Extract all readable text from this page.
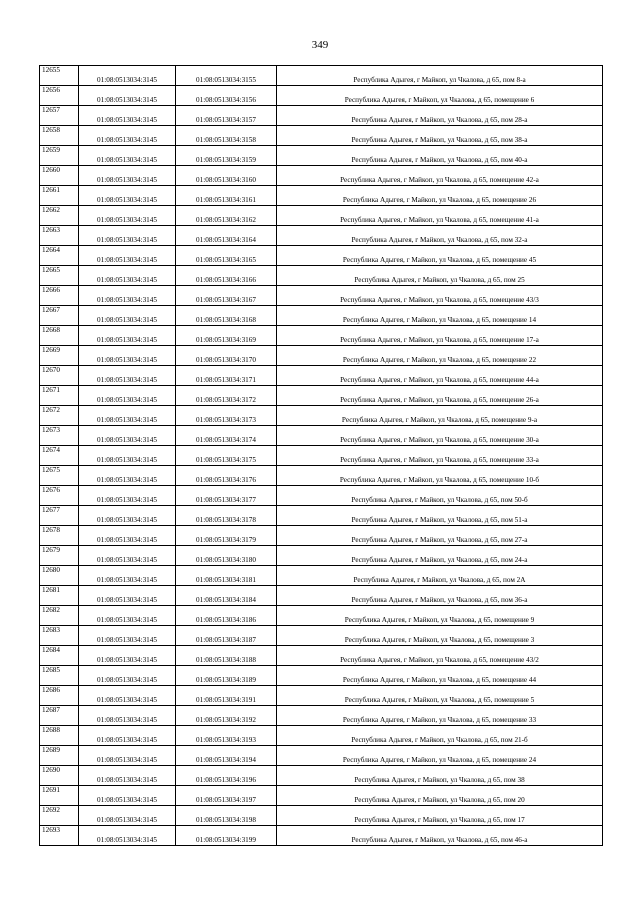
349
12655	01:08:0513034:3145	01:08:0513034:3155	Республика Адыгея, г Майкоп, ул Чкалова, д 65, пом 8-а
12656	01:08:0513034:3145	01:08:0513034:3156	Республика Адыгея, г Майкоп, ул Чкалова, д 65, помещение 6
12657	01:08:0513034:3145	01:08:0513034:3157	Республика Адыгея, г Майкоп, ул Чкалова, д 65, пом 28-а
12658	01:08:0513034:3145	01:08:0513034:3158	Республика Адыгея, г Майкоп, ул Чкалова, д 65, пом 38-а
12659	01:08:0513034:3145	01:08:0513034:3159	Республика Адыгея, г Майкоп, ул Чкалова, д 65, пом 40-а
12660	01:08:0513034:3145	01:08:0513034:3160	Республика Адыгея, г Майкоп, ул Чкалова, д 65, помещение 42-а
12661	01:08:0513034:3145	01:08:0513034:3161	Республика Адыгея, г Майкоп, ул Чкалова, д 65, помещение 26
12662	01:08:0513034:3145	01:08:0513034:3162	Республика Адыгея, г Майкоп, ул Чкалова, д 65, помещение 41-а
12663	01:08:0513034:3145	01:08:0513034:3164	Республика Адыгея, г Майкоп, ул Чкалова, д 65, пом 32-а
12664	01:08:0513034:3145	01:08:0513034:3165	Республика Адыгея, г Майкоп, ул Чкалова, д 65, помещение 45
12665	01:08:0513034:3145	01:08:0513034:3166	Республика Адыгея, г Майкоп, ул Чкалова, д 65, пом 25
12666	01:08:0513034:3145	01:08:0513034:3167	Республика Адыгея, г Майкоп, ул Чкалова, д 65, помещение 43/3
12667	01:08:0513034:3145	01:08:0513034:3168	Республика Адыгея, г Майкоп, ул Чкалова, д 65, помещение 14
12668	01:08:0513034:3145	01:08:0513034:3169	Республика Адыгея, г Майкоп, ул Чкалова, д 65, помещение 17-а
12669	01:08:0513034:3145	01:08:0513034:3170	Республика Адыгея, г Майкоп, ул Чкалова, д 65, помещение 22
12670	01:08:0513034:3145	01:08:0513034:3171	Республика Адыгея, г Майкоп, ул Чкалова, д 65, помещение 44-а
12671	01:08:0513034:3145	01:08:0513034:3172	Республика Адыгея, г Майкоп, ул Чкалова, д 65, помещение 26-а
12672	01:08:0513034:3145	01:08:0513034:3173	Республика Адыгея, г Майкоп, ул Чкалова, д 65, помещение 9-а
12673	01:08:0513034:3145	01:08:0513034:3174	Республика Адыгея, г Майкоп, ул Чкалова, д 65, помещение 30-а
12674	01:08:0513034:3145	01:08:0513034:3175	Республика Адыгея, г Майкоп, ул Чкалова, д 65, помещение 33-а
12675	01:08:0513034:3145	01:08:0513034:3176	Республика Адыгея, г Майкоп, ул Чкалова, д 65, помещение 10-б
12676	01:08:0513034:3145	01:08:0513034:3177	Республика Адыгея, г Майкоп, ул Чкалова, д 65, пом 50-б
12677	01:08:0513034:3145	01:08:0513034:3178	Республика Адыгея, г Майкоп, ул Чкалова, д 65, пом 51-а
12678	01:08:0513034:3145	01:08:0513034:3179	Республика Адыгея, г Майкоп, ул Чкалова, д 65, пом 27-а
12679	01:08:0513034:3145	01:08:0513034:3180	Республика Адыгея, г Майкоп, ул Чкалова, д 65, пом 24-а
12680	01:08:0513034:3145	01:08:0513034:3181	Республика Адыгея, г Майкоп, ул Чкалова, д 65, пом 2А
12681	01:08:0513034:3145	01:08:0513034:3184	Республика Адыгея, г Майкоп, ул Чкалова, д 65, пом 36-а
12682	01:08:0513034:3145	01:08:0513034:3186	Республика Адыгея, г Майкоп, ул Чкалова, д 65, помещение 9
12683	01:08:0513034:3145	01:08:0513034:3187	Республика Адыгея, г Майкоп, ул Чкалова, д 65, помещение 3
12684	01:08:0513034:3145	01:08:0513034:3188	Республика Адыгея, г Майкоп, ул Чкалова, д 65, помещение 43/2
12685	01:08:0513034:3145	01:08:0513034:3189	Республика Адыгея, г Майкоп, ул Чкалова, д 65, помещение 44
12686	01:08:0513034:3145	01:08:0513034:3191	Республика Адыгея, г Майкоп, ул Чкалова, д 65, помещение 5
12687	01:08:0513034:3145	01:08:0513034:3192	Республика Адыгея, г Майкоп, ул Чкалова, д 65, помещение 33
12688	01:08:0513034:3145	01:08:0513034:3193	Республика Адыгея, г Майкоп, ул Чкалова, д 65, пом 21-б
12689	01:08:0513034:3145	01:08:0513034:3194	Республика Адыгея, г Майкоп, ул Чкалова, д 65, помещение 24
12690	01:08:0513034:3145	01:08:0513034:3196	Республика Адыгея, г Майкоп, ул Чкалова, д 65, пом 38
12691	01:08:0513034:3145	01:08:0513034:3197	Республика Адыгея, г Майкоп, ул Чкалова, д 65, пом 20
12692	01:08:0513034:3145	01:08:0513034:3198	Республика Адыгея, г Майкоп, ул Чкалова, д 65, пом 17
12693	01:08:0513034:3145	01:08:0513034:3199	Республика Адыгея, г Майкоп, ул Чкалова, д 65, пом 46-а
